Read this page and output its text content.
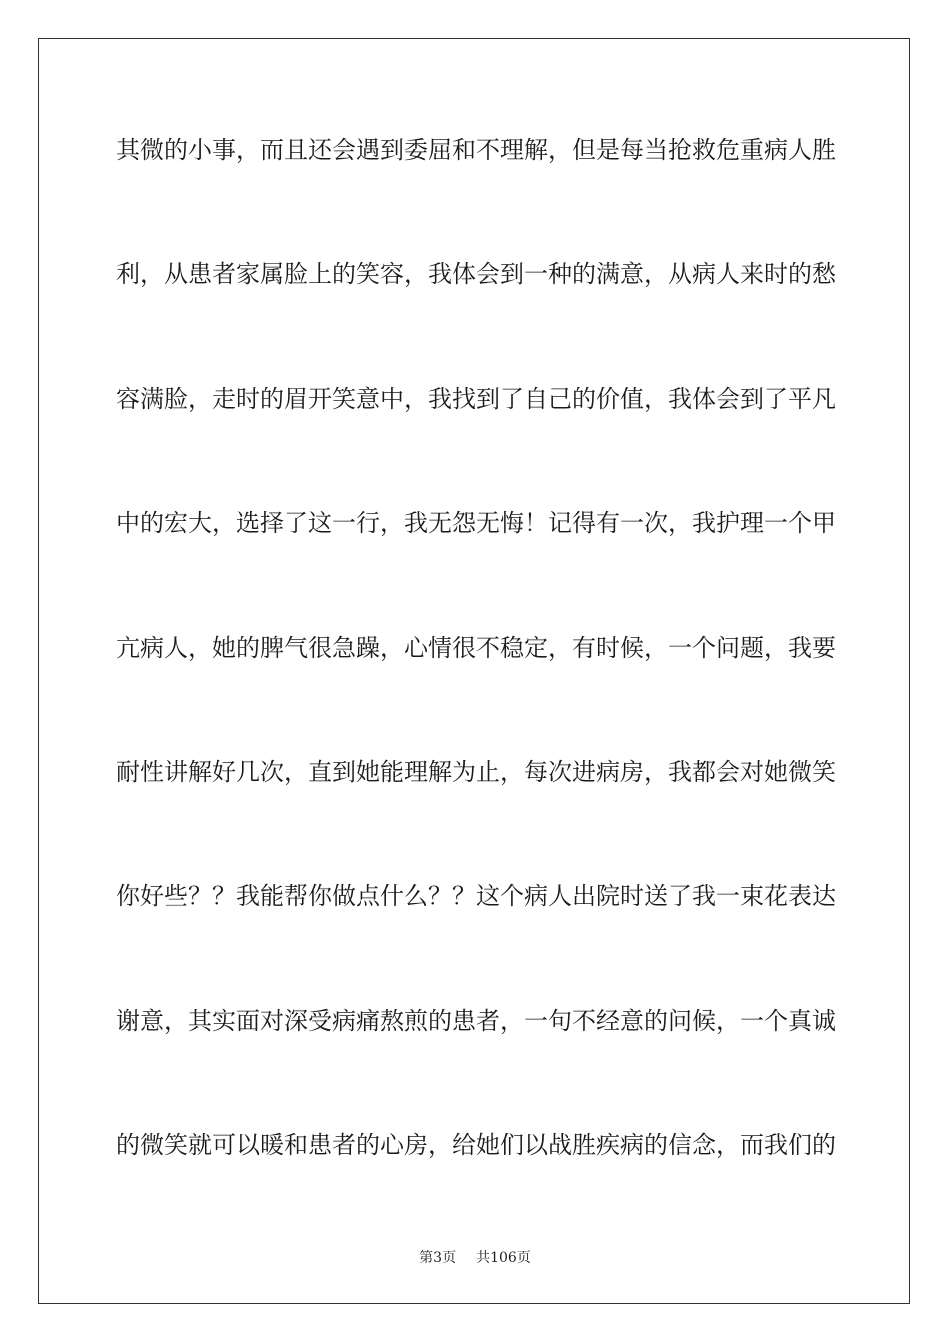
其微的小事，而且还会遇到委屈和不理解，但是每当抢救危重病人胜
利，从患者家属脸上的笑容，我体会到一种的满意，从病人来时的愁
容满脸，走时的眉开笑意中，我找到了自己的价值，我体会到了平凡
中的宏大，选择了这一行，我无怨无悔！记得有一次，我护理一个甲
亢病人，她的脾气很急躁，心情很不稳定，有时候，一个问题，我要
耐性讲解好几次，直到她能理解为止，每次进病房，我都会对她微笑
你好些？？我能帮你做点什么？？这个病人出院时送了我一束花表达
谢意，其实面对深受病痛熬煎的患者，一句不经意的问候，一个真诚
的微笑就可以暖和患者的心房，给她们以战胜疾病的信念，而我们的
第3页 共106页
